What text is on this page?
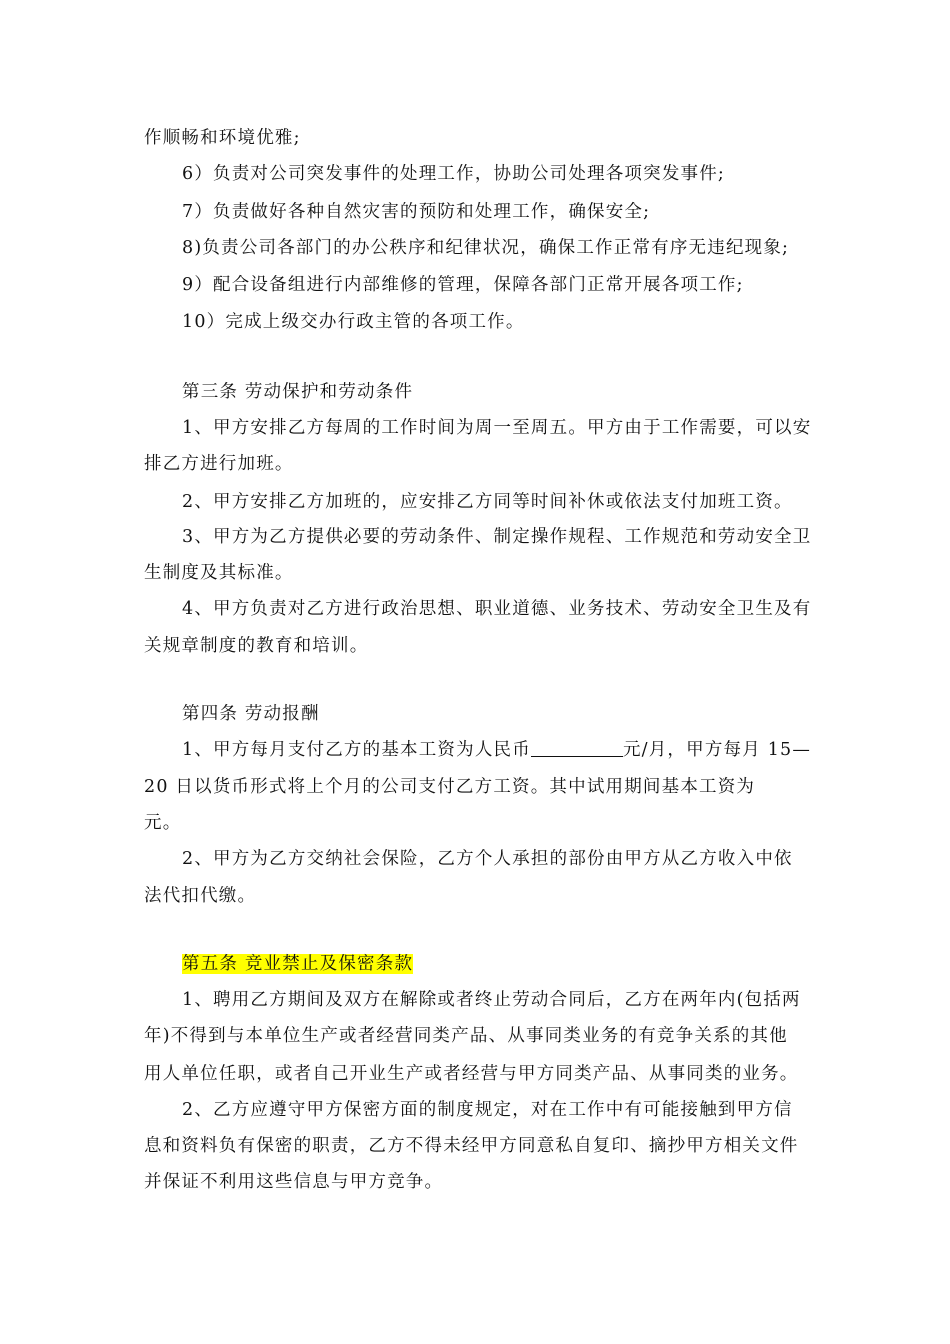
作顺畅和环境优雅;
6）负责对公司突发事件的处理工作，协助公司处理各项突发事件;
7）负责做好各种自然灾害的预防和处理工作，确保安全;
8)负责公司各部门的办公秩序和纪律状况，确保工作正常有序无违纪现象;
9）配合设备组进行内部维修的管理，保障各部门正常开展各项工作;
10）完成上级交办行政主管的各项工作。
第三条 劳动保护和劳动条件
1、甲方安排乙方每周的工作时间为周一至周五。甲方由于工作需要，可以安
排乙方进行加班。
2、甲方安排乙方加班的，应安排乙方同等时间补休或依法支付加班工资。
3、甲方为乙方提供必要的劳动条件、制定操作规程、工作规范和劳动安全卫
生制度及其标准。
4、甲方负责对乙方进行政治思想、职业道德、业务技术、劳动安全卫生及有
关规章制度的教育和培训。
第四条 劳动报酬
1、甲方每月支付乙方的基本工资为人民币	元/月，甲方每月 15—
20 日以货币形式将上个月的公司支付乙方工资。其中试用期间基本工资为
元。
2、甲方为乙方交纳社会保险，乙方个人承担的部份由甲方从乙方收入中依
法代扣代缴。
第五条 竞业禁止及保密条款
1、聘用乙方期间及双方在解除或者终止劳动合同后，乙方在两年内(包括两
年)不得到与本单位生产或者经营同类产品、从事同类业务的有竞争关系的其他
用人单位任职，或者自己开业生产或者经营与甲方同类产品、从事同类的业务。
2、乙方应遵守甲方保密方面的制度规定，对在工作中有可能接触到甲方信
息和资料负有保密的职责，乙方不得未经甲方同意私自复印、摘抄甲方相关文件
并保证不利用这些信息与甲方竞争。
